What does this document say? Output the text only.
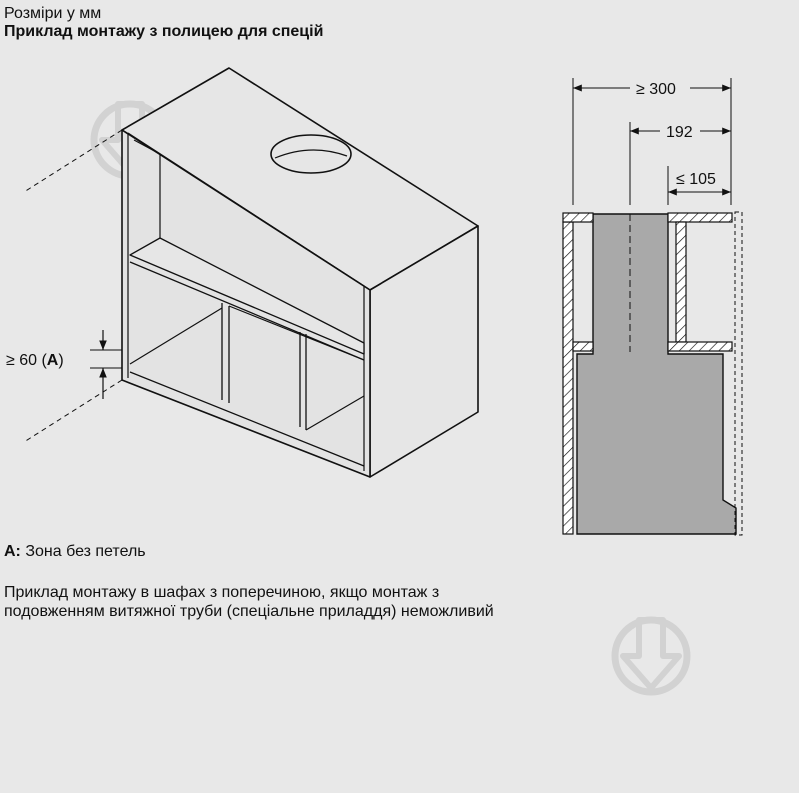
Розміри у мм
Приклад монтажу з полицею для спецій
≥ 60 (A)
≥ 300
192
≤ 105
A: Зона без петель
Приклад монтажу в шафах з поперечиною, якщо монтаж з подовженням витяжної труби (спеціальне приладдя) неможливий
